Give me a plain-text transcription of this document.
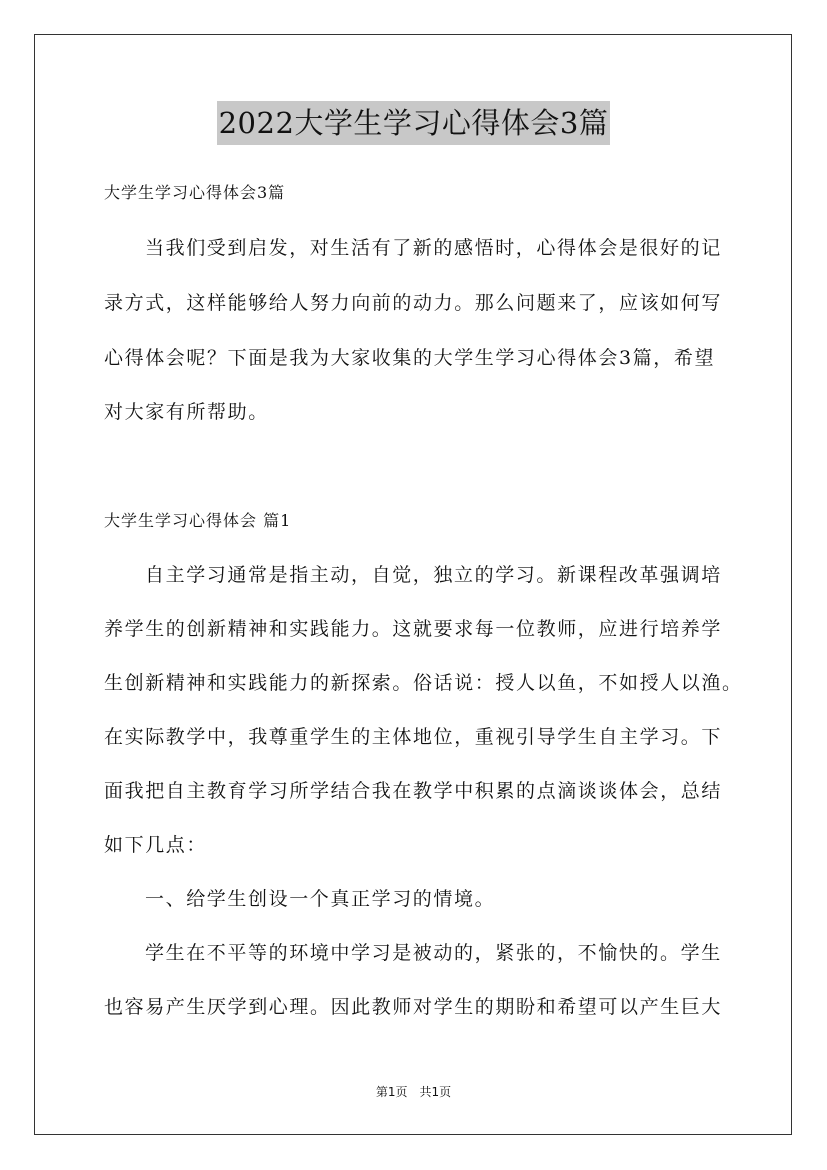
2022大学生学习心得体会3篇
大学生学习心得体会3篇
当我们受到启发，对生活有了新的感悟时，心得体会是很好的记
录方式，这样能够给人努力向前的动力。那么问题来了，应该如何写
心得体会呢？下面是我为大家收集的大学生学习心得体会3篇，希望
对大家有所帮助。
大学生学习心得体会 篇1
自主学习通常是指主动，自觉，独立的学习。新课程改革强调培
养学生的创新精神和实践能力。这就要求每一位教师，应进行培养学
生创新精神和实践能力的新探索。俗话说：授人以鱼，不如授人以渔。
在实际教学中，我尊重学生的主体地位，重视引导学生自主学习。下
面我把自主教育学习所学结合我在教学中积累的点滴谈谈体会，总结
如下几点：
一、给学生创设一个真正学习的情境。
学生在不平等的环境中学习是被动的，紧张的，不愉快的。学生
也容易产生厌学到心理。因此教师对学生的期盼和希望可以产生巨大
第1页　共1页
